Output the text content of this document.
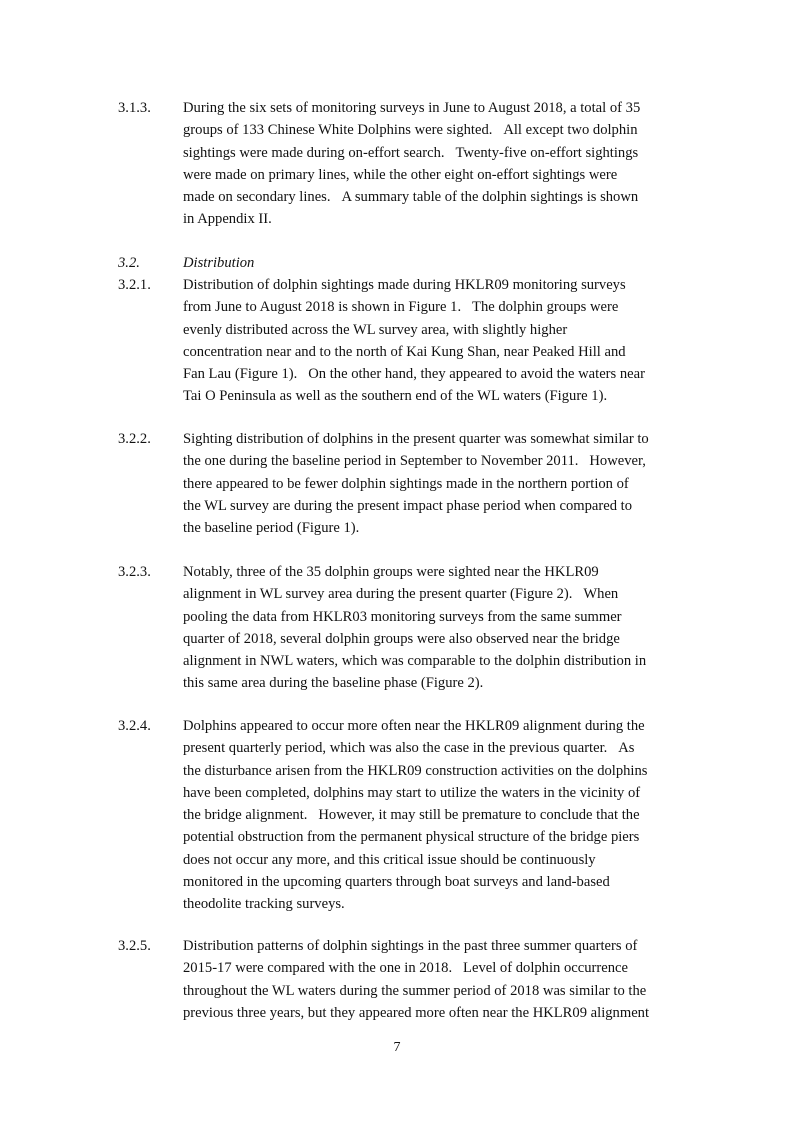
3.1.3. During the six sets of monitoring surveys in June to August 2018, a total of 35
groups of 133 Chinese White Dolphins were sighted.   All except two dolphin
sightings were made during on-effort search.   Twenty-five on-effort sightings
were made on primary lines, while the other eight on-effort sightings were
made on secondary lines.   A summary table of the dolphin sightings is shown
in Appendix II.
3.2.	Distribution
3.2.1. Distribution of dolphin sightings made during HKLR09 monitoring surveys
from June to August 2018 is shown in Figure 1.   The dolphin groups were
evenly distributed across the WL survey area, with slightly higher
concentration near and to the north of Kai Kung Shan, near Peaked Hill and
Fan Lau (Figure 1).   On the other hand, they appeared to avoid the waters near
Tai O Peninsula as well as the southern end of the WL waters (Figure 1).
3.2.2. Sighting distribution of dolphins in the present quarter was somewhat similar to
the one during the baseline period in September to November 2011.   However,
there appeared to be fewer dolphin sightings made in the northern portion of
the WL survey are during the present impact phase period when compared to
the baseline period (Figure 1).
3.2.3. Notably, three of the 35 dolphin groups were sighted near the HKLR09
alignment in WL survey area during the present quarter (Figure 2).   When
pooling the data from HKLR03 monitoring surveys from the same summer
quarter of 2018, several dolphin groups were also observed near the bridge
alignment in NWL waters, which was comparable to the dolphin distribution in
this same area during the baseline phase (Figure 2).
3.2.4. Dolphins appeared to occur more often near the HKLR09 alignment during the
present quarterly period, which was also the case in the previous quarter.   As
the disturbance arisen from the HKLR09 construction activities on the dolphins
have been completed, dolphins may start to utilize the waters in the vicinity of
the bridge alignment.   However, it may still be premature to conclude that the
potential obstruction from the permanent physical structure of the bridge piers
does not occur any more, and this critical issue should be continuously
monitored in the upcoming quarters through boat surveys and land-based
theodolite tracking surveys.
3.2.5. Distribution patterns of dolphin sightings in the past three summer quarters of
2015-17 were compared with the one in 2018.   Level of dolphin occurrence
throughout the WL waters during the summer period of 2018 was similar to the
previous three years, but they appeared more often near the HKLR09 alignment
7
